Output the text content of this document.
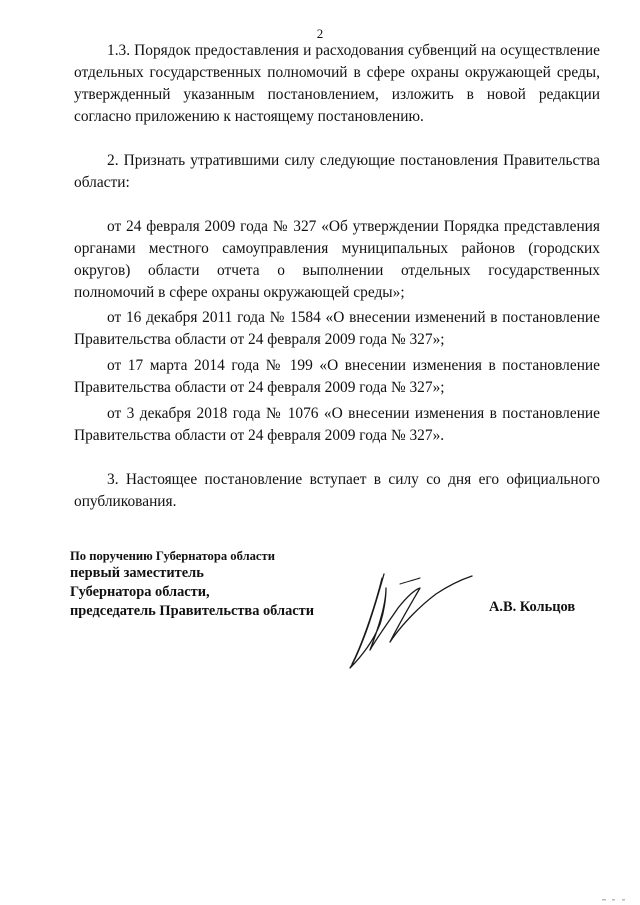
2

1.3. Порядок предоставления и расходования субвенций на осуществление отдельных государственных полномочий в сфере охраны окружающей среды, утвержденный указанным постановлением, изложить в новой редакции согласно приложению к настоящему постановлению.

2. Признать утратившими силу следующие постановления Правительства области:

от 24 февраля 2009 года № 327 «Об утверждении Порядка представления органами местного самоуправления муниципальных районов (городских округов) области отчета о выполнении отдельных государственных полномочий в сфере охраны окружающей среды»;

от 16 декабря 2011 года № 1584 «О внесении изменений в постановление Правительства области от 24 февраля 2009 года № 327»;

от 17 марта 2014 года № 199 «О внесении изменения в постановление Правительства области от 24 февраля 2009 года № 327»;

от 3 декабря 2018 года № 1076 «О внесении изменения в постановление Правительства области от 24 февраля 2009 года № 327».

3. Настоящее постановление вступает в силу со дня его официального опубликования.

По поручению Губернатора области
первый заместитель
Губернатора области,
председатель Правительства области	А.В. Кольцов
